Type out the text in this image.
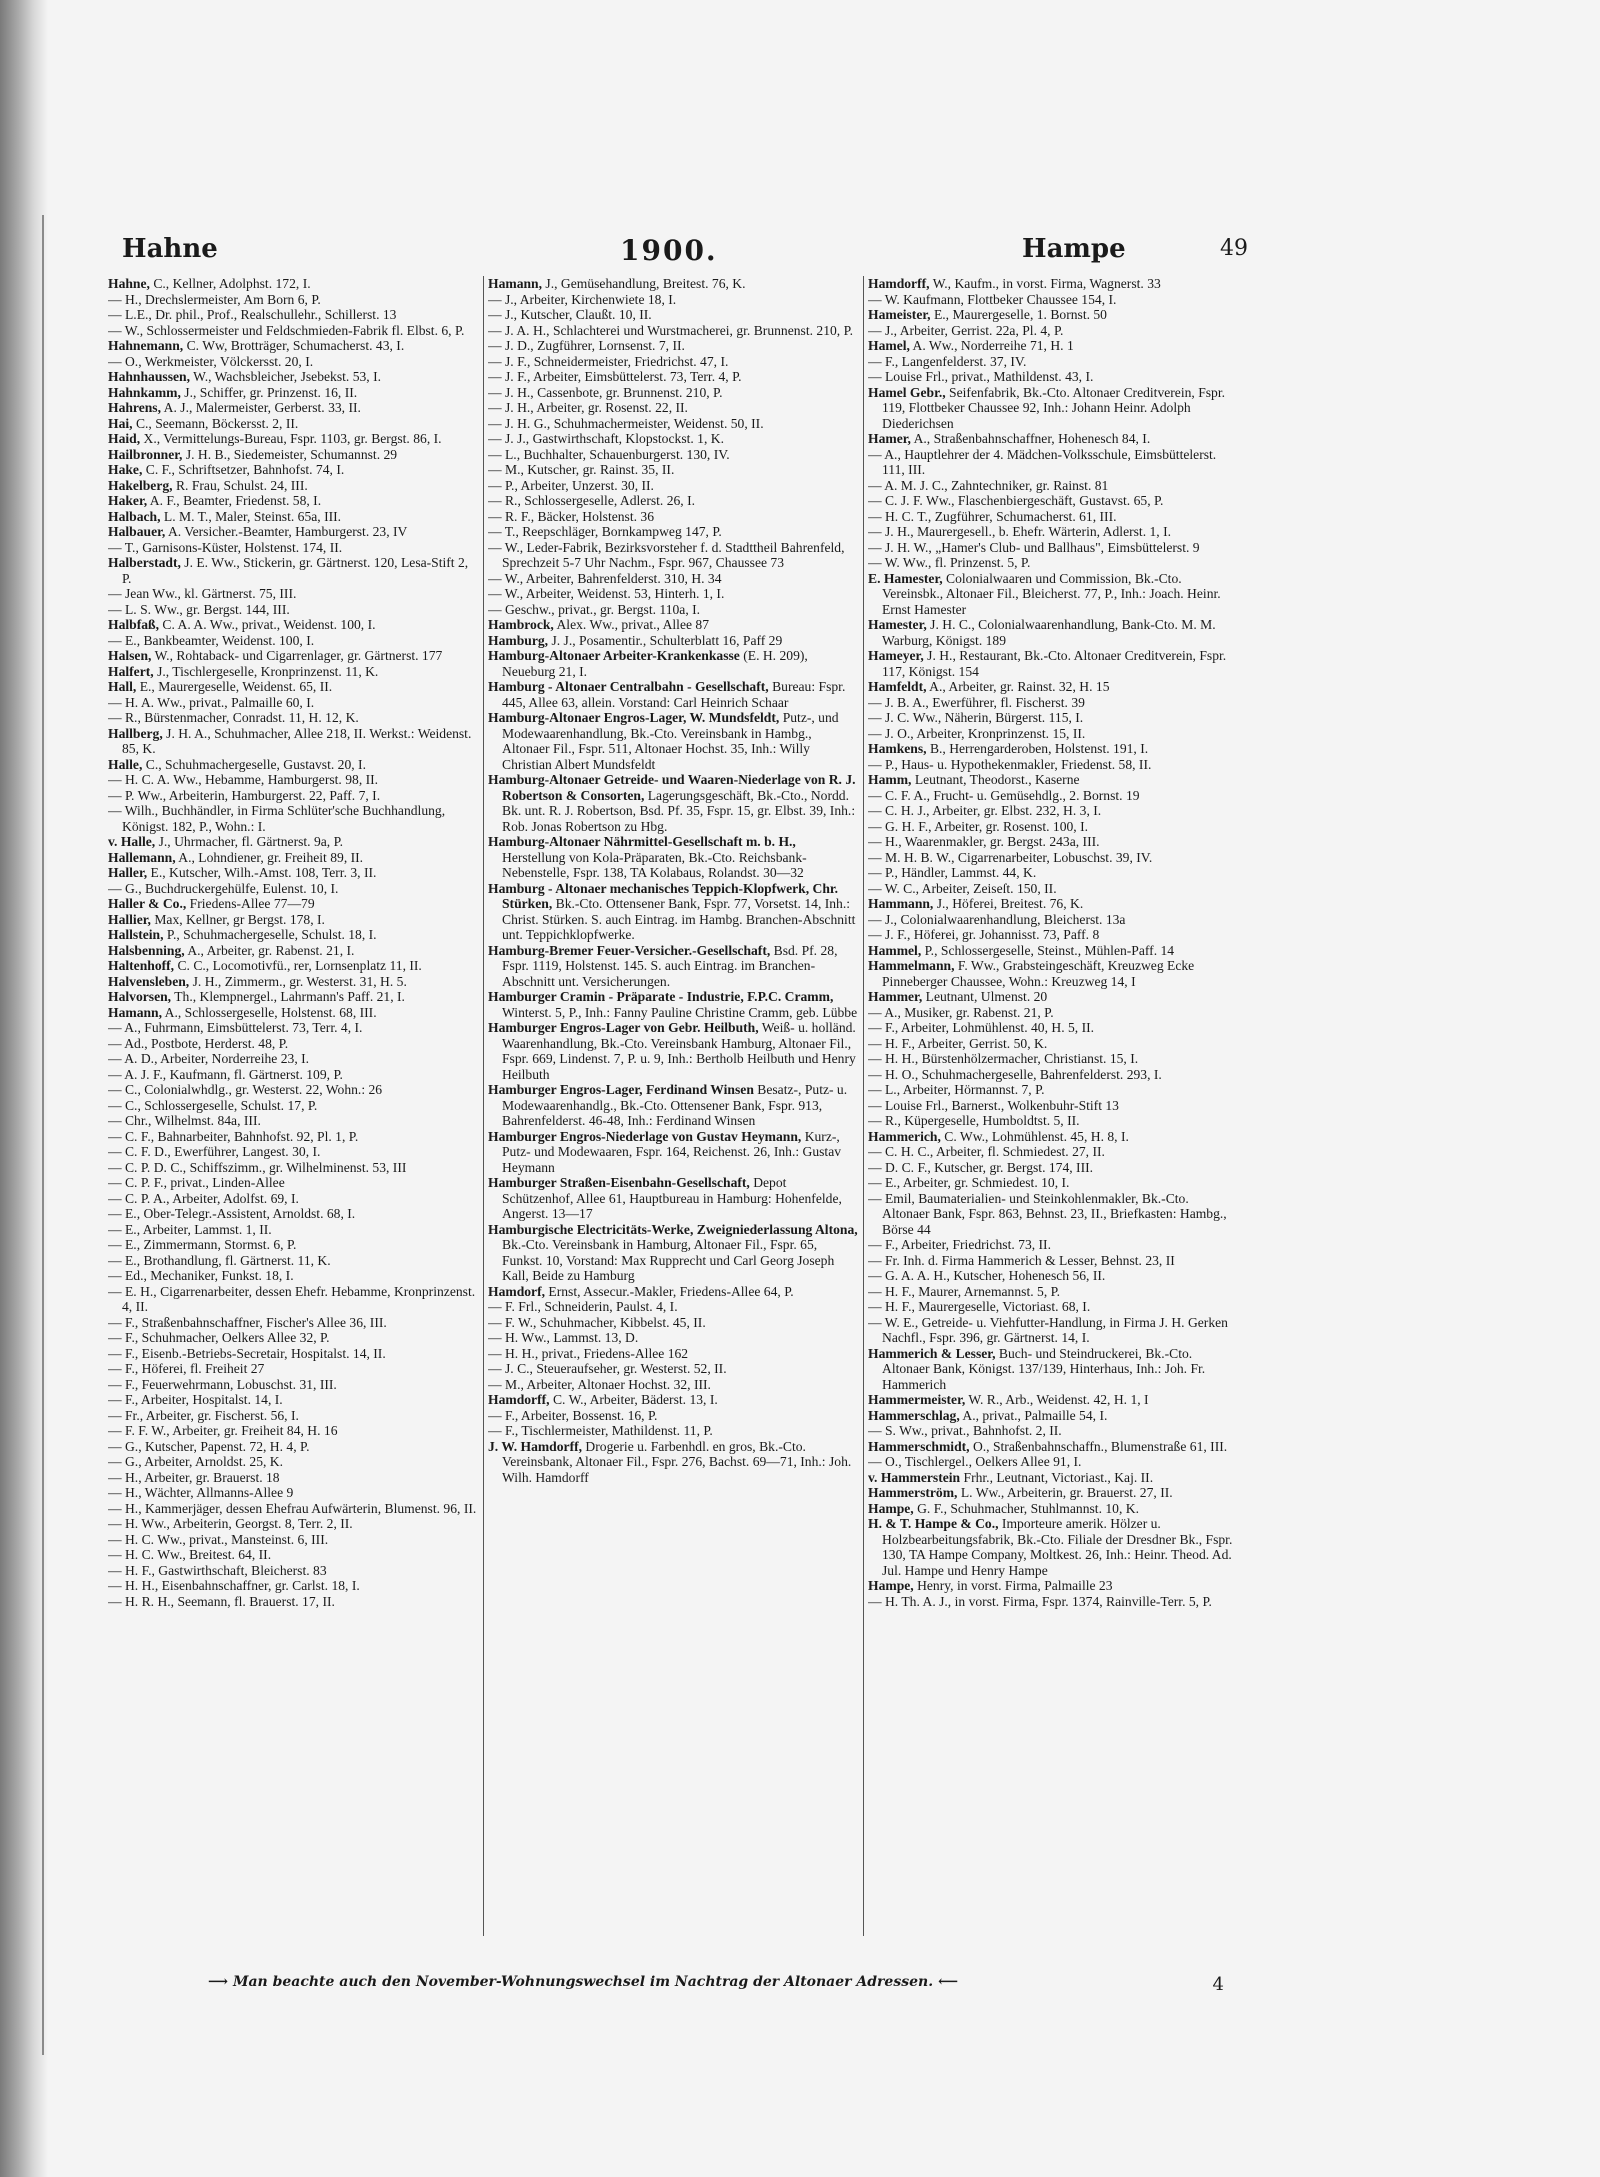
Hahne	1900.	Hampe	49

Hahne, C., Kellner, Adolphst. 172, I.

— H., Drechslermeister, Am Born 6, P.

— L.E., Dr. phil., Prof., Realschullehr., Schillerst. 13

— W., Schlossermeister und Feldschmieden-Fabrik fl. Elbst. 6, P.

Hahnemann, C. Ww, Brotträger, Schumacherst. 43, I.

— O., Werkmeister, Völckersst. 20, I.

Hahnhaussen, W., Wachsbleicher, Jsebekst. 53, I.

Hahnkamm, J., Schiffer, gr. Prinzenst. 16, II.

Hahrens, A. J., Malermeister, Gerberst. 33, II.

Hai, C., Seemann, Böckersst. 2, II.

Haid, X., Vermittelungs-Bureau, Fspr. 1103, gr. Bergst. 86, I.

Hailbronner, J. H. B., Siedemeister, Schumannst. 29

Hake, C. F., Schriftsetzer, Bahnhofst. 74, I.

Hakelberg, R. Frau, Schulst. 24, III.

Haker, A. F., Beamter, Friedenst. 58, I.

Halbach, L. M. T., Maler, Steinst. 65a, III.

Halbauer, A. Versicher.-Beamter, Hamburgerst. 23, IV

— T., Garnisons-Küster, Holstenst. 174, II.

Halberstadt, J. E. Ww., Stickerin, gr. Gärtnerst. 120, Lesa-Stift 2, P.

— Jean Ww., kl. Gärtnerst. 75, III.

— L. S. Ww., gr. Bergst. 144, III.

Halbfaß, C. A. A. Ww., privat., Weidenst. 100, I.

— E., Bankbeamter, Weidenst. 100, I.

Halsen, W., Rohtaback- und Cigarrenlager, gr. Gärtnerst. 177

Halfert, J., Tischlergeselle, Kronprinzenst. 11, K.

Hall, E., Maurergeselle, Weidenst. 65, II.

— H. A. Ww., privat., Palmaille 60, I.

— R., Bürstenmacher, Conradst. 11, H. 12, K.

Hallberg, J. H. A., Schuhmacher, Allee 218, II. Werkst.: Weidenst. 85, K.

Halle, C., Schuhmachergeselle, Gustavst. 20, I.

— H. C. A. Ww., Hebamme, Hamburgerst. 98, II.

— P. Ww., Arbeiterin, Hamburgerst. 22, Paff. 7, I.

— Wilh., Buchhändler, in Firma Schlüter'sche Buchhandlung, Königst. 182, P., Wohn.: I.

v. Halle, J., Uhrmacher, fl. Gärtnerst. 9a, P.

Hallemann, A., Lohndiener, gr. Freiheit 89, II.

Haller, E., Kutscher, Wilh.-Amst. 108, Terr. 3, II.

— G., Buchdruckergehülfe, Eulenst. 10, I.

Haller & Co., Friedens-Allee 77—79

Hallier, Max, Kellner, gr Bergst. 178, I.

Hallstein, P., Schuhmachergeselle, Schulst. 18, I.

Halsbenning, A., Arbeiter, gr. Rabenst. 21, I.

Haltenhoff, C. C., Locomotivfü., rer, Lornsenplatz 11, II.

Halvensleben, J. H., Zimmerm., gr. Westerst. 31, H. 5.

Halvorsen, Th., Klempnergel., Lahrmann's Paff. 21, I.

Hamann, A., Schlossergeselle, Holstenst. 68, III.

— A., Fuhrmann, Eimsbüttelerst. 73, Terr. 4, I.

— Ad., Postbote, Herderst. 48, P.

— A. D., Arbeiter, Norderreihe 23, I.

— A. J. F., Kaufmann, fl. Gärtnerst. 109, P.

— C., Colonialwhdlg., gr. Westerst. 22, Wohn.: 26

— C., Schlossergeselle, Schulst. 17, P.

— Chr., Wilhelmst. 84a, III.

— C. F., Bahnarbeiter, Bahnhofst. 92, Pl. 1, P.

— C. F. D., Ewerführer, Langest. 30, I.

— C. P. D. C., Schiffszimm., gr. Wilhelminenst. 53, III

— C. P. F., privat., Linden-Allee

— C. P. A., Arbeiter, Adolfst. 69, I.

— E., Ober-Telegr.-Assistent, Arnoldst. 68, I.

— E., Arbeiter, Lammst. 1, II.

— E., Zimmermann, Stormst. 6, P.

— E., Brothandlung, fl. Gärtnerst. 11, K.

— Ed., Mechaniker, Funkst. 18, I.

— E. H., Cigarrenarbeiter, dessen Ehefr. Hebamme, Kronprinzenst. 4, II.

— F., Straßenbahnschaffner, Fischer's Allee 36, III.

— F., Schuhmacher, Oelkers Allee 32, P.

— F., Eisenb.-Betriebs-Secretair, Hospitalst. 14, II.

— F., Höferei, fl. Freiheit 27

— F., Feuerwehrmann, Lobuschst. 31, III.

— F., Arbeiter, Hospitalst. 14, I.

— Fr., Arbeiter, gr. Fischerst. 56, I.

— F. F. W., Arbeiter, gr. Freiheit 84, H. 16

— G., Kutscher, Papenst. 72, H. 4, P.

— G., Arbeiter, Arnoldst. 25, K.

— H., Arbeiter, gr. Brauerst. 18

— H., Wächter, Allmanns-Allee 9

— H., Kammerjäger, dessen Ehefrau Aufwärterin, Blumenst. 96, II.

— H. Ww., Arbeiterin, Georgst. 8, Terr. 2, II.

— H. C. Ww., privat., Mansteinst. 6, III.

— H. C. Ww., Breitest. 64, II.

— H. F., Gastwirthschaft, Bleicherst. 83

— H. H., Eisenbahnschaffner, gr. Carlst. 18, I.

— H. R. H., Seemann, fl. Brauerst. 17, II.

Hamann, J., Gemüsehandlung, Breitest. 76, K.

— J., Arbeiter, Kirchenwiete 18, I.

— J., Kutscher, Claußt. 10, II.

— J. A. H., Schlachterei und Wurstmacherei, gr. Brunnenst. 210, P.

— J. D., Zugführer, Lornsenst. 7, II.

— J. F., Schneidermeister, Friedrichst. 47, I.

— J. F., Arbeiter, Eimsbüttelerst. 73, Terr. 4, P.

— J. H., Cassenbote, gr. Brunnenst. 210, P.

— J. H., Arbeiter, gr. Rosenst. 22, II.

— J. H. G., Schuhmachermeister, Weidenst. 50, II.

— J. J., Gastwirthschaft, Klopstockst. 1, K.

— L., Buchhalter, Schauenburgerst. 130, IV.

— M., Kutscher, gr. Rainst. 35, II.

— P., Arbeiter, Unzerst. 30, II.

— R., Schlossergeselle, Adlerst. 26, I.

— R. F., Bäcker, Holstenst. 36

— T., Reepschläger, Bornkampweg 147, P.

— W., Leder-Fabrik, Bezirksvorsteher f. d. Stadttheil Bahrenfeld, Sprechzeit 5-7 Uhr Nachm., Fspr. 967, Chaussee 73

— W., Arbeiter, Bahrenfelderst. 310, H. 34

— W., Arbeiter, Weidenst. 53, Hinterh. 1, I.

— Geschw., privat., gr. Bergst. 110a, I.

Hambrock, Alex. Ww., privat., Allee 87

Hamburg, J. J., Posamentir., Schulterblatt 16, Paff 29

Hamburg-Altonaer Arbeiter-Krankenkasse (E. H. 209), Neueburg 21, I.

Hamburg - Altonaer Centralbahn - Gesellschaft, Bureau: Fspr. 445, Allee 63, allein. Vorstand: Carl Heinrich Schaar

Hamburg-Altonaer Engros-Lager, W. Mundsfeldt, Putz-, und Modewaarenhandlung, Bk.-Cto. Vereinsbank in Hambg., Altonaer Fil., Fspr. 511, Altonaer Hochst. 35, Inh.: Willy Christian Albert Mundsfeldt

Hamburg-Altonaer Getreide- und Waaren-Niederlage von R. J. Robertson & Consorten, Lagerungsgeschäft, Bk.-Cto., Nordd. Bk. unt. R. J. Robertson, Bsd. Pf. 35, Fspr. 15, gr. Elbst. 39, Inh.: Rob. Jonas Robertson zu Hbg.

Hamburg-Altonaer Nährmittel-Gesellschaft m. b. H., Herstellung von Kola-Präparaten, Bk.-Cto. Reichsbank-Nebenstelle, Fspr. 138, TA Kolabaus, Rolandst. 30—32

Hamburg - Altonaer mechanisches Teppich-Klopfwerk, Chr. Stürken, Bk.-Cto. Ottensener Bank, Fspr. 77, Vorsetst. 14, Inh.: Christ. Stürken. S. auch Eintrag. im Hambg. Branchen-Abschnitt unt. Teppichklopfwerke.

Hamburg-Bremer Feuer-Versicher.-Gesellschaft, Bsd. Pf. 28, Fspr. 1119, Holstenst. 145. S. auch Eintrag. im Branchen-Abschnitt unt. Versicherungen.

Hamburger Cramin - Präparate - Industrie, F.P.C. Cramm, Winterst. 5, P., Inh.: Fanny Pauline Christine Cramm, geb. Lübbe

Hamburger Engros-Lager von Gebr. Heilbuth, Weiß- u. holländ. Waarenhandlung, Bk.-Cto. Vereinsbank Hamburg, Altonaer Fil., Fspr. 669, Lindenst. 7, P. u. 9, Inh.: Bertholb Heilbuth und Henry Heilbuth

Hamburger Engros-Lager, Ferdinand Winsen Besatz-, Putz- u. Modewaarenhandlg., Bk.-Cto. Ottensener Bank, Fspr. 913, Bahrenfelderst. 46-48, Inh.: Ferdinand Winsen

Hamburger Engros-Niederlage von Gustav Heymann, Kurz-, Putz- und Modewaaren, Fspr. 164, Reichenst. 26, Inh.: Gustav Heymann

Hamburger Straßen-Eisenbahn-Gesellschaft, Depot Schützenhof, Allee 61, Hauptbureau in Hamburg: Hohenfelde, Angerst. 13—17

Hamburgische Electricitäts-Werke, Zweigniederlassung Altona, Bk.-Cto. Vereinsbank in Hamburg, Altonaer Fil., Fspr. 65, Funkst. 10, Vorstand: Max Rupprecht und Carl Georg Joseph Kall, Beide zu Hamburg

Hamdorf, Ernst, Assecur.-Makler, Friedens-Allee 64, P.

— F. Frl., Schneiderin, Paulst. 4, I.

— F. W., Schuhmacher, Kibbelst. 45, II.

— H. Ww., Lammst. 13, D.

— H. H., privat., Friedens-Allee 162

— J. C., Steueraufseher, gr. Westerst. 52, II.

— M., Arbeiter, Altonaer Hochst. 32, III.

Hamdorff, C. W., Arbeiter, Bäderst. 13, I.

— F., Arbeiter, Bossenst. 16, P.

— F., Tischlermeister, Mathildenst. 11, P.

J. W. Hamdorff, Drogerie u. Farbenhdl. en gros, Bk.-Cto. Vereinsbank, Altonaer Fil., Fspr. 276, Bachst. 69—71, Inh.: Joh. Wilh. Hamdorff

Hamdorff, W., Kaufm., in vorst. Firma, Wagnerst. 33

— W. Kaufmann, Flottbeker Chaussee 154, I.

Hameister, E., Maurergeselle, 1. Bornst. 50

— J., Arbeiter, Gerrist. 22a, Pl. 4, P.

Hamel, A. Ww., Norderreihe 71, H. 1

— F., Langenfelderst. 37, IV.

— Louise Frl., privat., Mathildenst. 43, I.

Hamel Gebr., Seifenfabrik, Bk.-Cto. Altonaer Creditverein, Fspr. 119, Flottbeker Chaussee 92, Inh.: Johann Heinr. Adolph Diederichsen

Hamer, A., Straßenbahnschaffner, Hohenesch 84, I.

— A., Hauptlehrer der 4. Mädchen-Volksschule, Eimsbüttelerst. 111, III.

— A. M. J. C., Zahntechniker, gr. Rainst. 81

— C. J. F. Ww., Flaschenbiergeschäft, Gustavst. 65, P.

— H. C. T., Zugführer, Schumacherst. 61, III.

— J. H., Maurergesell., b. Ehefr. Wärterin, Adlerst. 1, I.

— J. H. W., „Hamer's Club- und Ballhaus", Eimsbüttelerst. 9

— W. Ww., fl. Prinzenst. 5, P.

E. Hamester, Colonialwaaren und Commission, Bk.-Cto. Vereinsbk., Altonaer Fil., Bleicherst. 77, P., Inh.: Joach. Heinr. Ernst Hamester

Hamester, J. H. C., Colonialwaarenhandlung, Bank-Cto. M. M. Warburg, Königst. 189

Hameyer, J. H., Restaurant, Bk.-Cto. Altonaer Creditverein, Fspr. 117, Königst. 154

Hamfeldt, A., Arbeiter, gr. Rainst. 32, H. 15

— J. B. A., Ewerführer, fl. Fischerst. 39

— J. C. Ww., Näherin, Bürgerst. 115, I.

— J. O., Arbeiter, Kronprinzenst. 15, II.

Hamkens, B., Herrengarderoben, Holstenst. 191, I.

— P., Haus- u. Hypothekenmakler, Friedenst. 58, II.

Hamm, Leutnant, Theodorst., Kaserne

— C. F. A., Frucht- u. Gemüsehdlg., 2. Bornst. 19

— C. H. J., Arbeiter, gr. Elbst. 232, H. 3, I.

— G. H. F., Arbeiter, gr. Rosenst. 100, I.

— H., Waarenmakler, gr. Bergst. 243a, III.

— M. H. B. W., Cigarrenarbeiter, Lobuschst. 39, IV.

— P., Händler, Lammst. 44, K.

— W. C., Arbeiter, Zeiseſt. 150, II.

Hammann, J., Höferei, Breitest. 76, K.

— J., Colonialwaarenhandlung, Bleicherst. 13a

— J. F., Höferei, gr. Johannisst. 73, Paff. 8

Hammel, P., Schlossergeselle, Steinst., Mühlen-Paff. 14

Hammelmann, F. Ww., Grabsteingeschäft, Kreuzweg Ecke Pinneberger Chaussee, Wohn.: Kreuzweg 14, I

Hammer, Leutnant, Ulmenst. 20

— A., Musiker, gr. Rabenst. 21, P.

— F., Arbeiter, Lohmühlenst. 40, H. 5, II.

— H. F., Arbeiter, Gerrist. 50, K.

— H. H., Bürstenhölzermacher, Christianst. 15, I.

— H. O., Schuhmachergeselle, Bahrenfelderst. 293, I.

— L., Arbeiter, Hörmannst. 7, P.

— Louise Frl., Barnerst., Wolkenbuhr-Stift 13

— R., Küpergeselle, Humboldtst. 5, II.

Hammerich, C. Ww., Lohmühlenst. 45, H. 8, I.

— C. H. C., Arbeiter, fl. Schmiedest. 27, II.

— D. C. F., Kutscher, gr. Bergst. 174, III.

— E., Arbeiter, gr. Schmiedest. 10, I.

— Emil, Baumaterialien- und Steinkohlenmakler, Bk.-Cto. Altonaer Bank, Fspr. 863, Behnst. 23, II., Briefkasten: Hambg., Börse 44

— F., Arbeiter, Friedrichst. 73, II.

— Fr. Inh. d. Firma Hammerich & Lesser, Behnst. 23, II

— G. A. A. H., Kutscher, Hohenesch 56, II.

— H. F., Maurer, Arnemannst. 5, P.

— H. F., Maurergeselle, Victoriast. 68, I.

— W. E., Getreide- u. Viehfutter-Handlung, in Firma J. H. Gerken Nachfl., Fspr. 396, gr. Gärtnerst. 14, I.

Hammerich & Lesser, Buch- und Steindruckerei, Bk.-Cto. Altonaer Bank, Königst. 137/139, Hinterhaus, Inh.: Joh. Fr. Hammerich

Hammermeister, W. R., Arb., Weidenst. 42, H. 1, I

Hammerschlag, A., privat., Palmaille 54, I.

— S. Ww., privat., Bahnhofst. 2, II.

Hammerschmidt, O., Straßenbahnschaffn., Blumenstraße 61, III.

— O., Tischlergel., Oelkers Allee 91, I.

v. Hammerstein Frhr., Leutnant, Victoriast., Kaj. II.

Hammerström, L. Ww., Arbeiterin, gr. Brauerst. 27, II.

Hampe, G. F., Schuhmacher, Stuhlmannst. 10, K.

H. & T. Hampe & Co., Importeure amerik. Hölzer u. Holzbearbeitungsfabrik, Bk.-Cto. Filiale der Dresdner Bk., Fspr. 130, TA Hampe Company, Moltkest. 26, Inh.: Heinr. Theod. Ad. Jul. Hampe und Henry Hampe

Hampe, Henry, in vorst. Firma, Palmaille 23

— H. Th. A. J., in vorst. Firma, Fspr. 1374, Rainville-Terr. 5, P.

⟶ Man beachte auch den November-Wohnungswechsel im Nachtrag der Altonaer Adressen. ⟵	4
